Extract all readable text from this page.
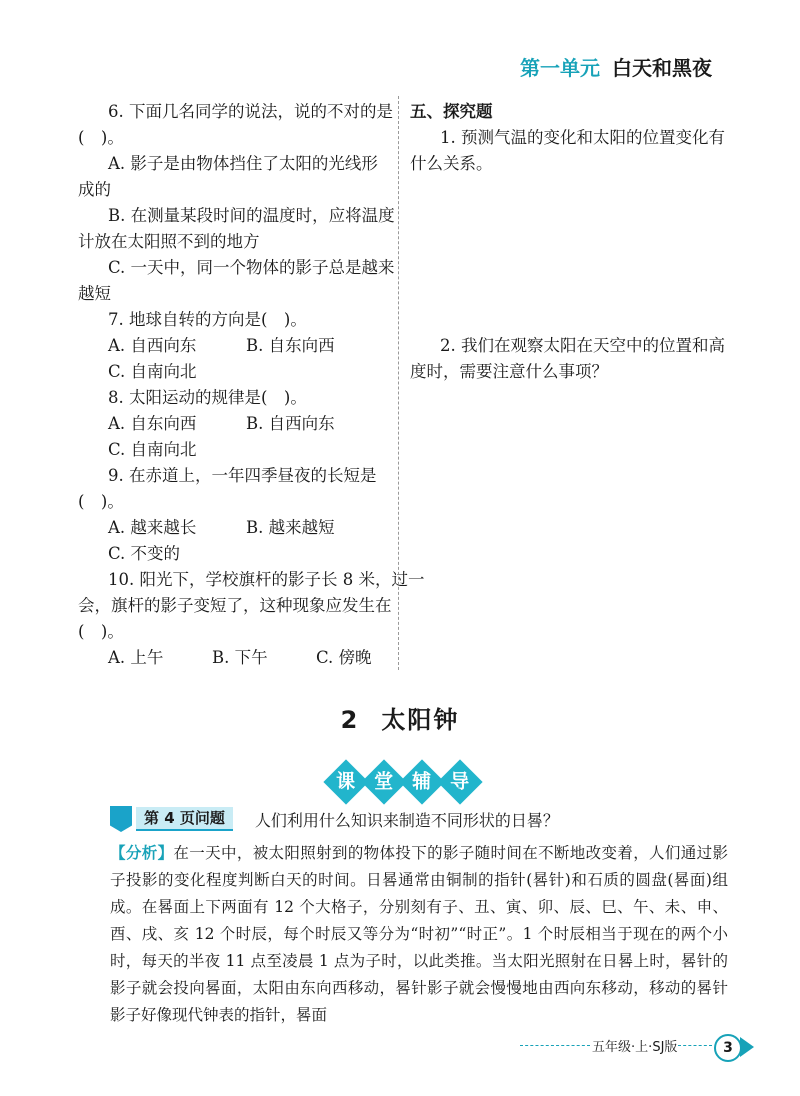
第一单元 白天和黑夜
6. 下面几名同学的说法，说的不对的是
(　)。
A. 影子是由物体挡住了太阳的光线形
成的
B. 在测量某段时间的温度时，应将温度
计放在太阳照不到的地方
C. 一天中，同一个物体的影子总是越来
越短
7. 地球自转的方向是(　)。
A. 自西向东	B. 自东向西
C. 自南向北
8. 太阳运动的规律是(　)。
A. 自东向西	B. 自西向东
C. 自南向北
9. 在赤道上，一年四季昼夜的长短是
(　)。
A. 越来越长	B. 越来越短
C. 不变的
10. 阳光下，学校旗杆的影子长 8 米，过一
会，旗杆的影子变短了，这种现象应发生在
(　)。
A. 上午	B. 下午	C. 傍晚
五、探究题
1. 预测气温的变化和太阳的位置变化有
什么关系。
2. 我们在观察太阳在天空中的位置和高
度时，需要注意什么事项？
2 太阳钟
课 堂 辅 导
第 4 页问题	人们利用什么知识来制造不同形状的日晷？
【分析】在一天中，被太阳照射到的物体投下的影子随时间在不断地改变着，人们通过影子投影的变化程度判断白天的时间。日晷通常由铜制的指针(晷针)和石质的圆盘(晷面)组成。在晷面上下两面有 12 个大格子，分别刻有子、丑、寅、卯、辰、巳、午、未、申、酉、戌、亥 12 个时辰，每个时辰又等分为“时初”“时正”。1 个时辰相当于现在的两个小时，每天的半夜 11 点至凌晨 1 点为子时，以此类推。当太阳光照射在日晷上时，晷针的影子就会投向晷面，太阳由东向西移动，晷针影子就会慢慢地由西向东移动，移动的晷针影子好像现代钟表的指针，晷面
五年级·上·SJ版	3
